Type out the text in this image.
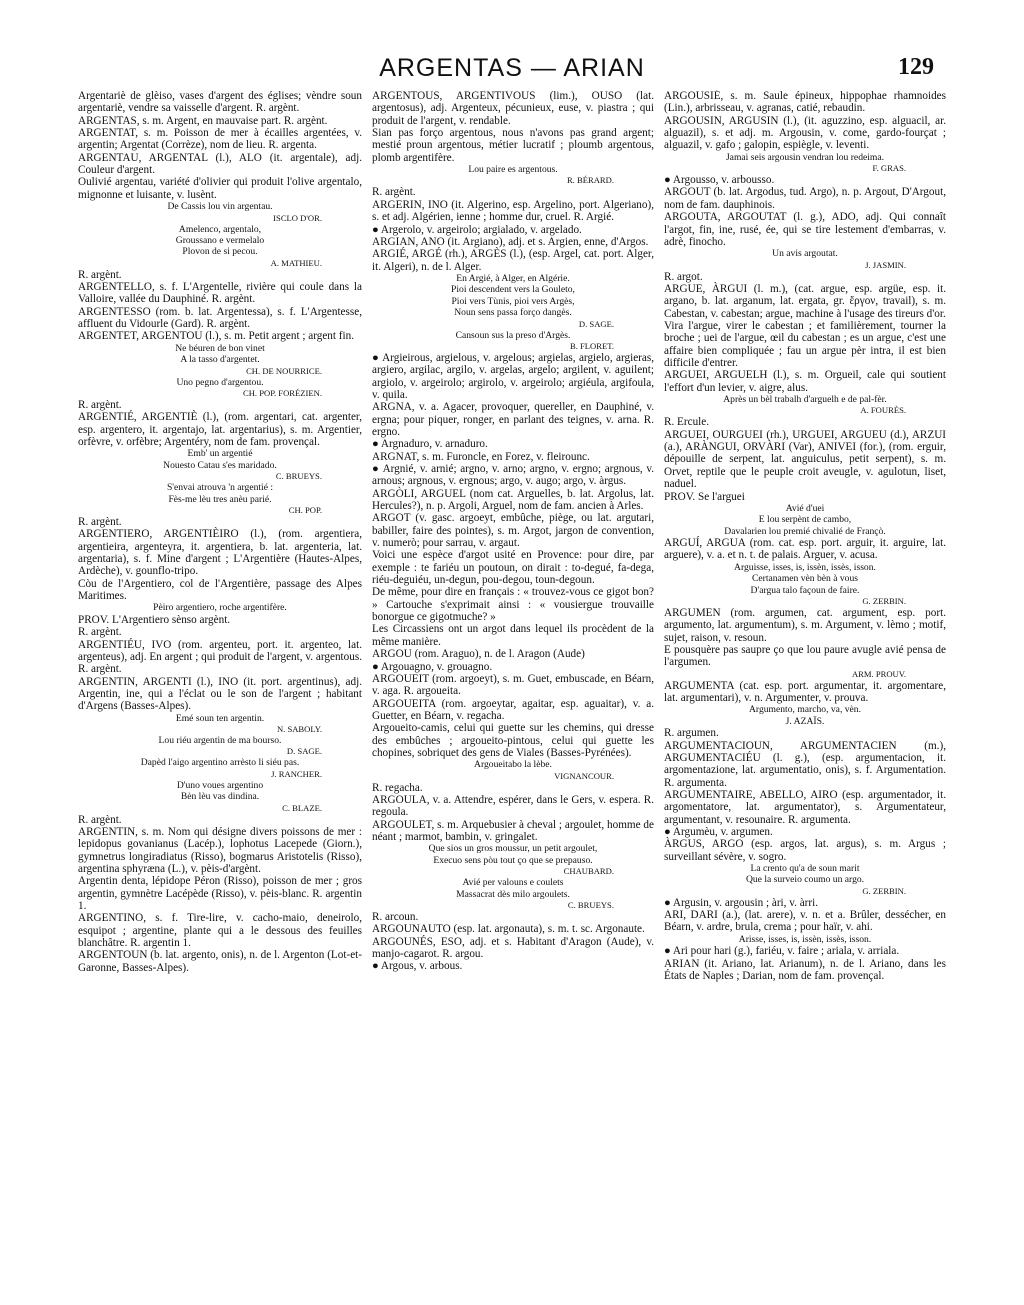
ARGENTAS — ARIAN	129

Argentariè de glèiso, vases d'argent des églises; vèndre soun argentariè, vendre sa vaisselle d'argent. R. argènt.

ARGENTAS, s. m. Argent, en mauvaise part. R. argènt.

ARGENTAT, s. m. Poisson de mer à écailles argentées, v. argentin; Argentat (Corrèze), nom de lieu. R. argenta.

ARGENTAU, ARGENTAL (l.), ALO (it. argentale), adj. Couleur d'argent.

Oulivié argentau, variété d'olivier qui produit l'olive argentalo, mignonne et luisante, v. lusènt.

De Cassis lou vin argentau.

ISCLO D'OR.

Amelenco, argentalo,

Groussano e vermelalo

Plovon de si pecou.

A. MATHIEU.

R. argènt.

ARGENTELLO, s. f. L'Argentelle, rivière qui coule dans la Valloire, vallée du Dauphiné. R. argènt.

ARGENTESSO (rom. b. lat. Argentessa), s. f. L'Argentesse, affluent du Vidourle (Gard). R. argènt.

ARGENTET, ARGENTOU (l.), s. m. Petit argent ; argent fin.

Ne béuren de bon vinet

A la tasso d'argentet.

CH. DE NOURRICE.

Uno pegno d'argentou.

CH. POP. FORÉZIEN.

R. argènt.

ARGENTIÉ, ARGENTIÈ (l.), (rom. argentari, cat. argenter, esp. argentero, it. argentajo, lat. argentarius), s. m. Argentier, orfèvre, v. orfèbre; Argentéry, nom de fam. provençal.

Emb' un argentié

Nouesto Catau s'es maridado.

C. BRUEYS.

S'envai atrouva 'n argentié :

Fès-me lèu tres anèu parié.

CH. POP.

R. argènt.

ARGENTIERO, ARGENTIÈIRO (l.), (rom. argentiera, argentieira, argenteyra, it. argentiera, b. lat. argenteria, lat. argentaria), s. f. Mine d'argent ; L'Argentière (Hautes-Alpes, Ardèche), v. gounflo-tripo.

Còu de l'Argentiero, col de l'Argentière, passage des Alpes Maritimes.

Pèiro argentiero, roche argentifère.

PROV. L'Argentiero sènso argènt.

R. argènt.

ARGENTIÉU, IVO (rom. argenteu, port. it. argenteo, lat. argenteus), adj. En argent ; qui produit de l'argent, v. argentous. R. argènt.

ARGENTIN, ARGENTI (l.), INO (it. port. argentinus), adj. Argentin, ine, qui a l'éclat ou le son de l'argent ; habitant d'Argens (Basses-Alpes).

Emé soun ten argentin.

N. SABOLY.

Lou riéu argentin de ma bourso.

D. SAGE.

Dapèd l'aigo argentino arrèsto li siéu pas.

J. RANCHER.

D'uno voues argentino

Bèn lèu vas dindina.

C. BLAZE.

R. argènt.

ARGENTIN, s. m. Nom qui désigne divers poissons de mer : lepidopus govanianus (Lacép.), lophotus Lacepede (Giorn.), gymnetrus longiradiatus (Risso), bogmarus Aristotelis (Risso), argentina sphyræna (L.), v. pèis-d'argènt.

Argentin denta, lépidope Péron (Risso), poisson de mer ; gros argentin, gymnètre Lacépède (Risso), v. pèis-blanc. R. argentin 1.

ARGENTINO, s. f. Tire-lire, v. cacho-maio, deneirolo, esquipot ; argentine, plante qui a le dessous des feuilles blanchâtre. R. argentin 1.

ARGENTOUN (b. lat. argento, onis), n. de l. Argenton (Lot-et-Garonne, Basses-Alpes).

ARGENTOUS, ARGENTIVOUS (lim.), OUSO (lat. argentosus), adj. Argenteux, pécunieux, euse, v. piastra ; qui produit de l'argent, v. rendable.

Sian pas forço argentous, nous n'avons pas grand argent; mestié proun argentous, métier lucratif ; ploumb argentous, plomb argentifère.

Lou paire es argentous.

R. BÉRARD.

R. argènt.

ARGERIN, INO (it. Algerino, esp. Argelino, port. Algeriano), s. et adj. Algérien, ienne ; homme dur, cruel. R. Argié.

● Argerolo, v. argeirolo; argialado, v. argelado.

ARGIAN, ANO (it. Argiano), adj. et s. Argien, enne, d'Argos.

ARGIÉ, ARGÉ (rh.), ARGÈS (l.), (esp. Argel, cat. port. Alger, it. Algeri), n. de l. Alger.

En Argié, à Alger, en Algérie.

Pioi descendent vers la Gouleto,

Pioi vers Tùnis, pioi vers Argès,

Noun sens passa forço dangès.

D. SAGE.

Cansoun sus la preso d'Argès.

B. FLORET.

● Argieirous, argielous, v. argelous; argielas, argielo, argieras, argiero, argilac, argilo, v. argelas, argelo; argilent, v. aguilent; argiolo, v. argeirolo; argirolo, v. argeirolo; argiéula, argifoula, v. quila.

ARGNA, v. a. Agacer, provoquer, quereller, en Dauphiné, v. ergna; pour piquer, ronger, en parlant des teignes, v. arna. R. ergno.

● Argnaduro, v. arnaduro.

ARGNAT, s. m. Furoncle, en Forez, v. fleirounc.

● Argnié, v. arnié; argno, v. arno; argno, v. ergno; argnous, v. arnous; argnous, v. ergnous; argo, v. augo; argo, v. àrgus.

ARGÒLI, ARGUEL (nom cat. Arguelles, b. lat. Argolus, lat. Hercules?), n. p. Argoli, Arguel, nom de fam. ancien à Arles.

ARGOT (v. gasc. argoeyt, embûche, piège, ou lat. argutari, babiller, faire des pointes), s. m. Argot, jargon de convention, v. numerò; pour sarrau, v. argaut.

Voici une espèce d'argot usité en Provence: pour dire, par exemple : te fariéu un poutoun, on dirait : to-degué, fa-dega, riéu-deguiéu, un-degun, pou-degou, toun-degoun.

De même, pour dire en français : « trouvez-vous ce gigot bon? » Cartouche s'exprimait ainsi : « vousiergue trouvaille bonorgue ce gigotmuche? »

Les Circassiens ont un argot dans lequel ils procèdent de la même manière.

ARGOU (rom. Araguo), n. de l. Aragon (Aude)

● Argouagno, v. grouagno.

ARGOUEIT (rom. argoeyt), s. m. Guet, embuscade, en Béarn, v. aga. R. argoueita.

ARGOUEITA (rom. argoeytar, agaitar, esp. aguaitar), v. a. Guetter, en Béarn, v. regacha.

Argoueito-camis, celui qui guette sur les chemins, qui dresse des embûches ; argoueito-pintous, celui qui guette les chopines, sobriquet des gens de Viales (Basses-Pyrénées).

Argoueitabo la lèbe.

VIGNANCOUR.

R. regacha.

ARGOULA, v. a. Attendre, espérer, dans le Gers, v. espera. R. regoula.

ARGOULET, s. m. Arquebusier à cheval ; argoulet, homme de néant ; marmot, bambin, v. gringalet.

Que sios un gros moussur, un petit argoulet,

Execuo sens pòu tout ço que se prepauso.

CHAUBARD.

Avié per valouns e coulets

Massacrat dès milo argoulets.

C. BRUEYS.

R. arcoun.

ARGOUNAUTO (esp. lat. argonauta), s. m. t. sc. Argonaute.

ARGOUNÉS, ESO, adj. et s. Habitant d'Aragon (Aude), v. manjo-cagarot. R. argou.

● Argous, v. arbous.

ARGOUSIÉ, s. m. Saule épineux, hippophae rhamnoides (Lin.), arbrisseau, v. agranas, catié, rebaudin.

ARGOUSIN, ARGUSIN (l.), (it. aguzzino, esp. alguacil, ar. alguazil), s. et adj. m. Argousin, v. come, gardo-fourçat ; alguazil, v. gafo ; galopin, espiègle, v. leventi.

Jamai seis argousin vendran lou redeima.

F. GRAS.

● Argousso, v. arbousso.

ARGOUT (b. lat. Argodus, tud. Argo), n. p. Argout, D'Argout, nom de fam. dauphinois.

ARGOUTA, ARGOUTAT (l. g.), ADO, adj. Qui connaît l'argot, fin, ine, rusé, ée, qui se tire lestement d'embarras, v. adrè, finocho.

Un avis argoutat.

J. JASMIN.

R. argot.

ARGUE, ÀRGUI (l. m.), (cat. argue, esp. argüe, esp. it. argano, b. lat. arganum, lat. ergata, gr. ἔργον, travail), s. m. Cabestan, v. cabestan; argue, machine à l'usage des tireurs d'or.

Vira l'argue, virer le cabestan ; et familièrement, tourner la broche ; uei de l'argue, œil du cabestan ; es un argue, c'est une affaire bien compliquée ; fau un argue pèr intra, il est bien difficile d'entrer.

ARGUEI, ARGUELH (l.), s. m. Orgueil, cale qui soutient l'effort d'un levier, v. aigre, alus.

Après un bèl trabalh d'arguelh e de pal-fèr.

A. FOURÈS.

R. Ercule.

ARGUEI, OURGUEI (rh.), URGUEI, ARGUEU (d.), ARZUI (a.), ARÀNGUI, ORVÀRI (Var), ANIVEI (for.), (rom. erguir, dépouille de serpent, lat. anguiculus, petit serpent), s. m. Orvet, reptile que le peuple croit aveugle, v. agulotun, liset, naduel.

PROV. Se l'arguei

Avié d'uei

E lou serpènt de cambo,

Davalarien lou premié chivalié de Françò.

ARGUÍ, ARGUA (rom. cat. esp. port. arguir, it. arguire, lat. arguere), v. a. et n. t. de palais. Arguer, v. acusa.

Arguisse, isses, is, issèn, issès, isson.

Certanamen vèn bèn à vous

D'argua talo façoun de faire.

G. ZERBIN.

ARGUMEN (rom. argumen, cat. argument, esp. port. argumento, lat. argumentum), s. m. Argument, v. lèmo ; motif, sujet, raison, v. resoun.

E pousquère pas saupre ço que lou paure avugle avié pensa de l'argumen.

ARM. PROUV.

ARGUMENTA (cat. esp. port. argumentar, it. argomentare, lat. argumentari), v. n. Argumenter, v. prouva.

Argumento, marcho, va, vèn.

J. AZAÏS.

R. argumen.

ARGUMENTACIOUN, ARGUMENTACIEN (m.), ARGUMENTACIÉU (l. g.), (esp. argumentacion, it. argomentazione, lat. argumentatio, onis), s. f. Argumentation. R. argumenta.

ARGUMENTAIRE, ABELLO, AIRO (esp. argumentador, it. argomentatore, lat. argumentator), s. Argumentateur, argumentant, v. resounaire. R. argumenta.

● Argumèu, v. argumen.

ÀRGUS, ARGO (esp. argos, lat. argus), s. m. Argus ; surveillant sévère, v. sogro.

La crento qu'a de soun marit

Que la surveio coumo un argo.

G. ZERBIN.

● Argusin, v. argousin ; àri, v. àrri.

ARI, DARI (a.), (lat. arere), v. n. et a. Brûler, dessécher, en Béarn, v. ardre, brula, crema ; pour haïr, v. ahi.

Arisse, isses, is, issèn, issès, isson.

● Ari pour hari (g.), fariéu, v. faire ; ariala, v. arriala.

ARIAN (it. Ariano, lat. Arianum), n. de l. Ariano, dans les États de Naples ; Darian, nom de fam. provençal.
